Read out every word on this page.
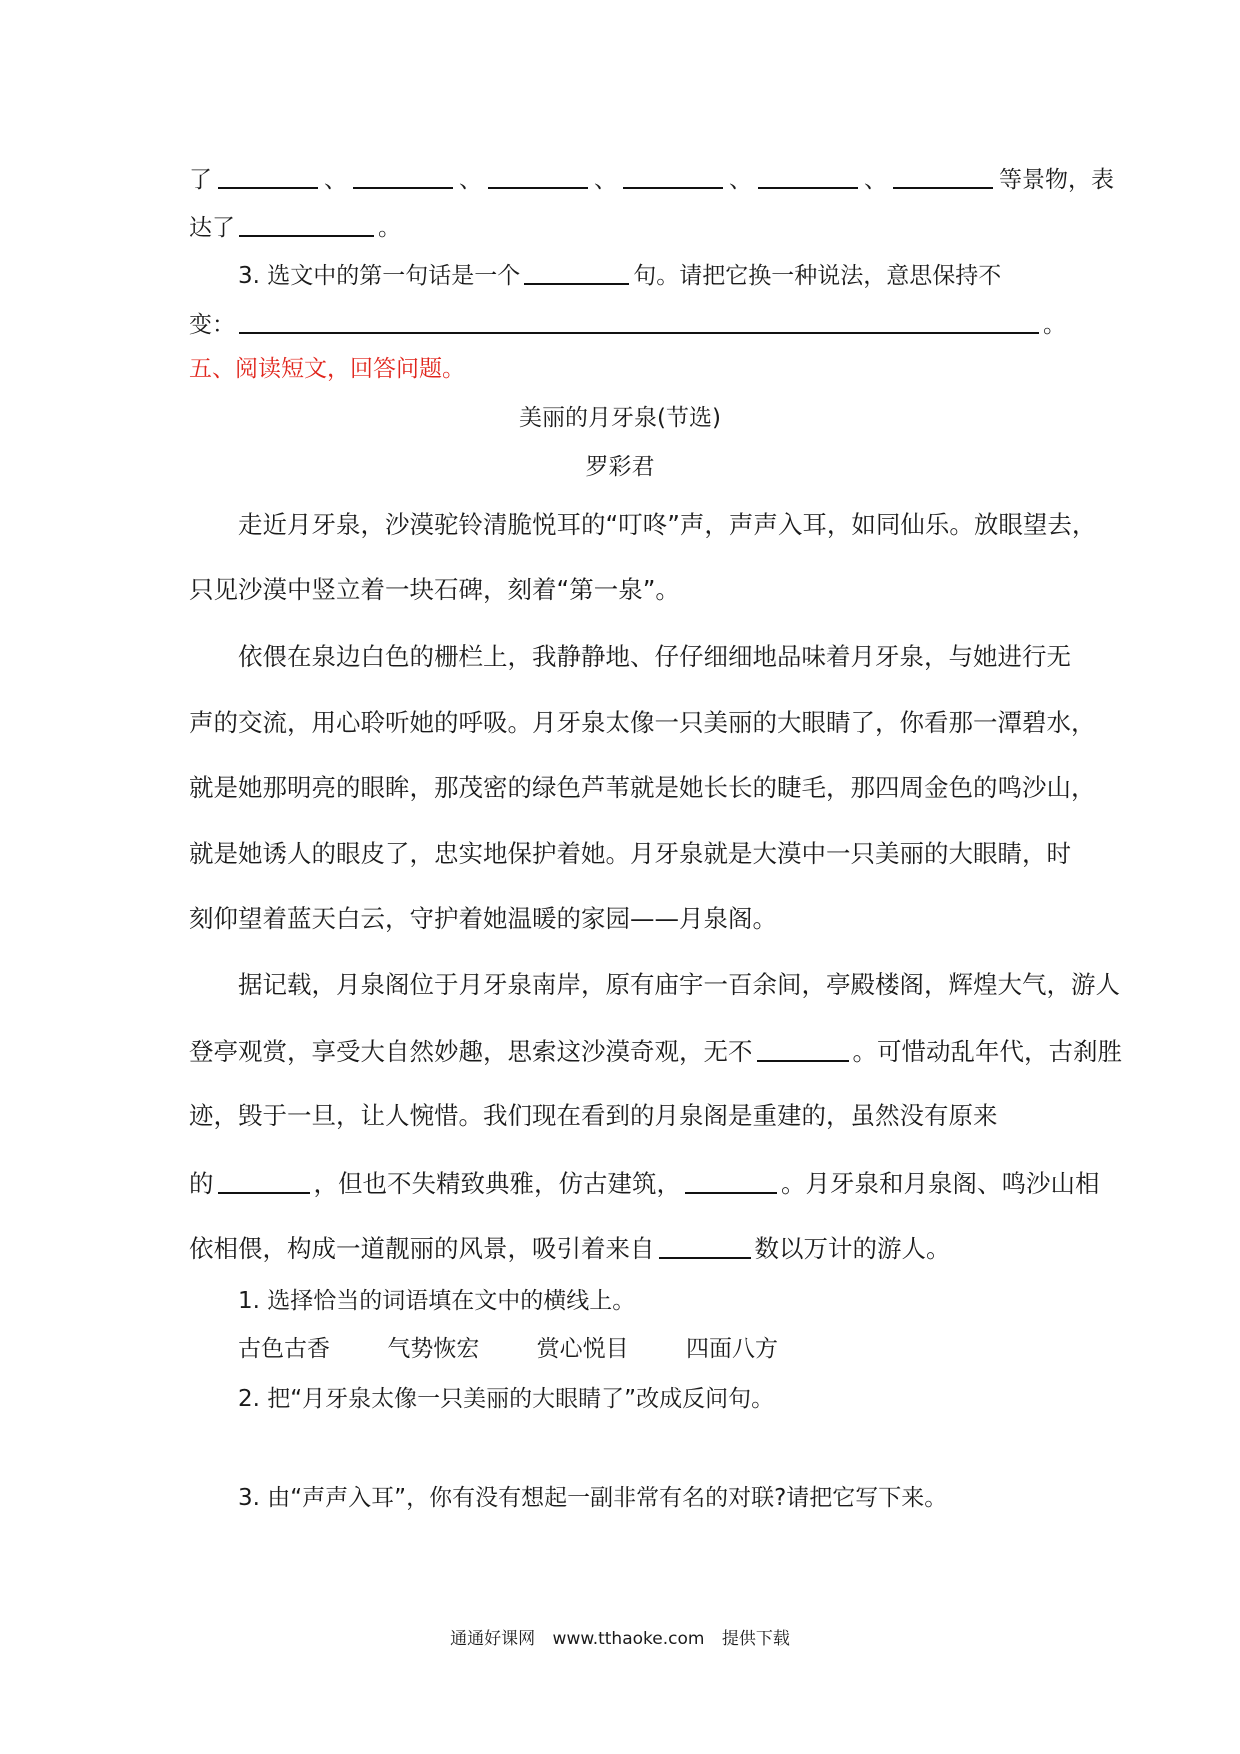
了	、	、	、	、	、	等景物，表
达了	。
3. 选文中的第一句话是一个	句。请把它换一种说法，意思保持不
变：	。
五、阅读短文，回答问题。
美丽的月牙泉(节选)
罗彩君
走近月牙泉，沙漠驼铃清脆悦耳的“叮咚”声，声声入耳，如同仙乐。放眼望去，
只见沙漠中竖立着一块石碑，刻着“第一泉”。
依偎在泉边白色的栅栏上，我静静地、仔仔细细地品味着月牙泉，与她进行无
声的交流，用心聆听她的呼吸。月牙泉太像一只美丽的大眼睛了，你看那一潭碧水，
就是她那明亮的眼眸，那茂密的绿色芦苇就是她长长的睫毛，那四周金色的鸣沙山，
就是她诱人的眼皮了，忠实地保护着她。月牙泉就是大漠中一只美丽的大眼睛，时
刻仰望着蓝天白云，守护着她温暖的家园——月泉阁。
据记载，月泉阁位于月牙泉南岸，原有庙宇一百余间，亭殿楼阁，辉煌大气，游人
登亭观赏，享受大自然妙趣，思索这沙漠奇观，无不	。可惜动乱年代，古刹胜
迹，毁于一旦，让人惋惜。我们现在看到的月泉阁是重建的，虽然没有原来
的	，但也不失精致典雅，仿古建筑，	。月牙泉和月泉阁、鸣沙山相
依相偎，构成一道靓丽的风景，吸引着来自	数以万计的游人。
1. 选择恰当的词语填在文中的横线上。
古色古香 气势恢宏 赏心悦目 四面八方
2. 把“月牙泉太像一只美丽的大眼睛了”改成反问句。
3. 由“声声入耳”，你有没有想起一副非常有名的对联?请把它写下来。
通通好课网 www.tthaoke.com 提供下载
